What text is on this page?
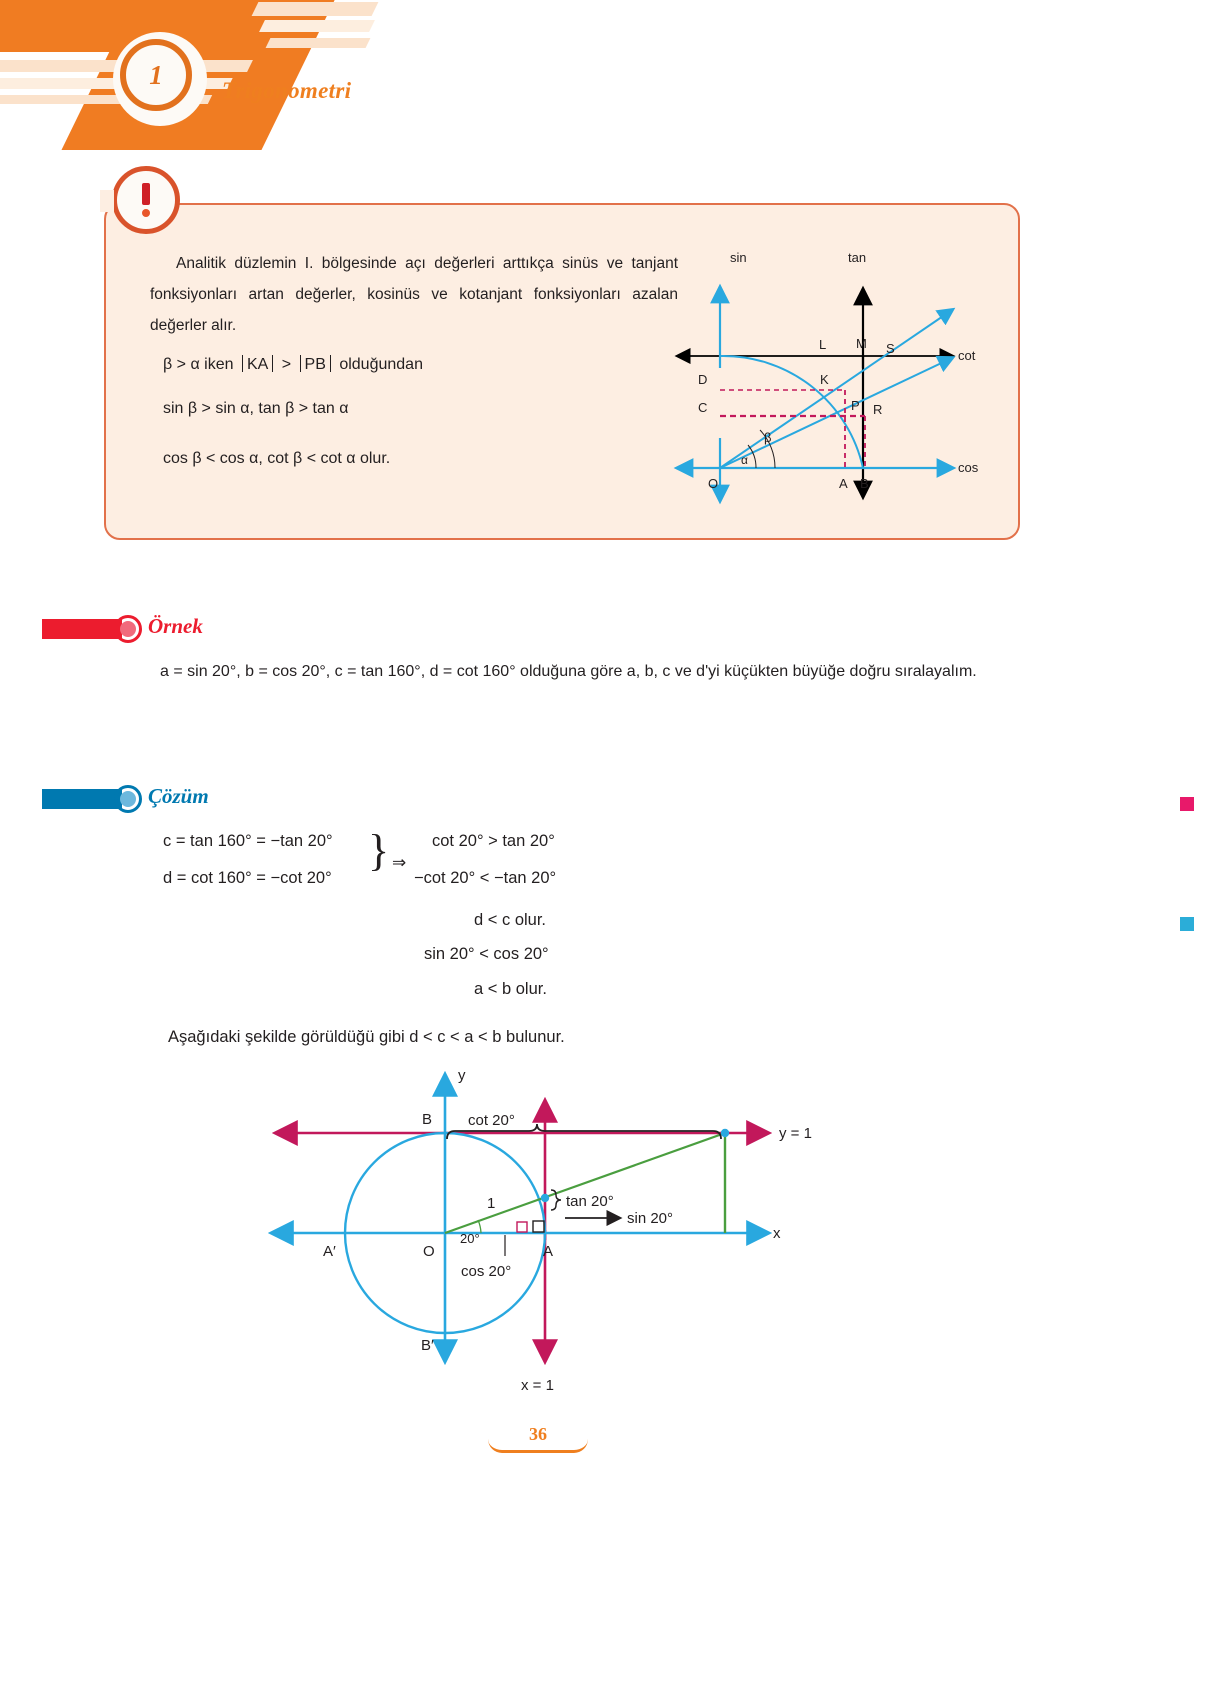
1
Trigonometri
Analitik düzlemin I. bölgesinde açı değerleri arttıkça sinüs ve tanjant fonksiyonları artan değerler, kosinüs ve kotanjant fonksiyonları azalan değerler alır.
β > α iken KA > PB olduğundan
sin β > sin α, tan β > tan α
cos β < cos α, cot β < cot α olur.
sin	tan
cot
cos
L M S
K
D
C	P R
O	A B
β
α
Örnek
a = sin 20°, b = cos 20°, c = tan 160°, d = cot 160° olduğuna göre a, b, c ve d'yi küçükten büyüğe doğru sıralayalım.
Çözüm
c = tan 160° = −tan 20°
d = cot 160° = −cot 20°
} ⇒
cot 20° > tan 20°
−cot 20° < −tan 20°
d < c olur.
sin 20° < cos 20°
a < b olur.
Aşağıdaki şekilde görüldüğü gibi d < c < a < b bulunur.
y
x
B
B′
A′	A
O
cot 20°
tan 20°
sin 20°
cos 20°
1
20°
y = 1
x = 1
36
